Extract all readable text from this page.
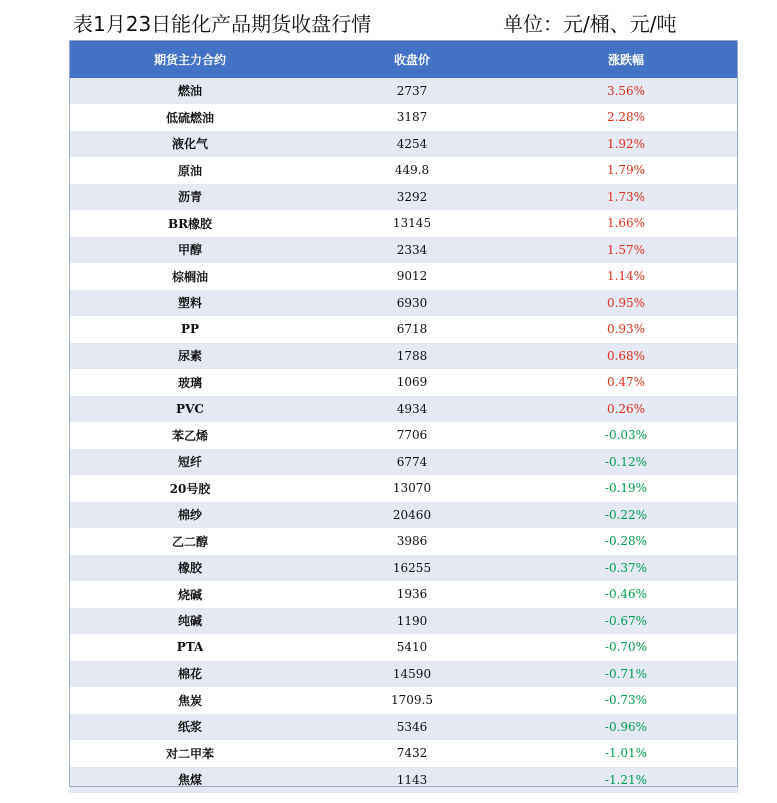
表1月23日能化产品期货收盘行情	单位：元/桶、元/吨
期货主力合约	收盘价	涨跌幅
燃油	2737	3.56%
低硫燃油	3187	2.28%
液化气	4254	1.92%
原油	449.8	1.79%
沥青	3292	1.73%
BR橡胶	13145	1.66%
甲醇	2334	1.57%
棕榈油	9012	1.14%
塑料	6930	0.95%
PP	6718	0.93%
尿素	1788	0.68%
玻璃	1069	0.47%
PVC	4934	0.26%
苯乙烯	7706	-0.03%
短纤	6774	-0.12%
20号胶	13070	-0.19%
棉纱	20460	-0.22%
乙二醇	3986	-0.28%
橡胶	16255	-0.37%
烧碱	1936	-0.46%
纯碱	1190	-0.67%
PTA	5410	-0.70%
棉花	14590	-0.71%
焦炭	1709.5	-0.73%
纸浆	5346	-0.96%
对二甲苯	7432	-1.01%
焦煤	1143	-1.21%
